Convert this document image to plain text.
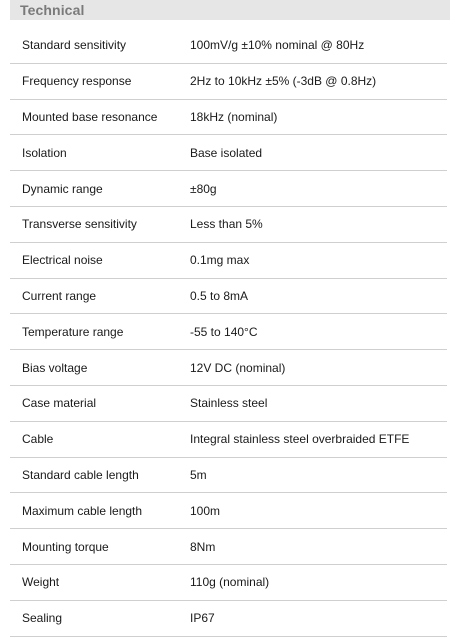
Technical
Standard sensitivity	100mV/g ±10% nominal @ 80Hz
Frequency response	2Hz to 10kHz ±5% (-3dB @ 0.8Hz)
Mounted base resonance	18kHz (nominal)
Isolation	Base isolated
Dynamic range	±80g
Transverse sensitivity	Less than 5%
Electrical noise	0.1mg max
Current range	0.5 to 8mA
Temperature range	-55 to 140°C
Bias voltage	12V DC (nominal)
Case material	Stainless steel
Cable	Integral stainless steel overbraided ETFE
Standard cable length	5m
Maximum cable length	100m
Mounting torque	8Nm
Weight	110g (nominal)
Sealing	IP67
